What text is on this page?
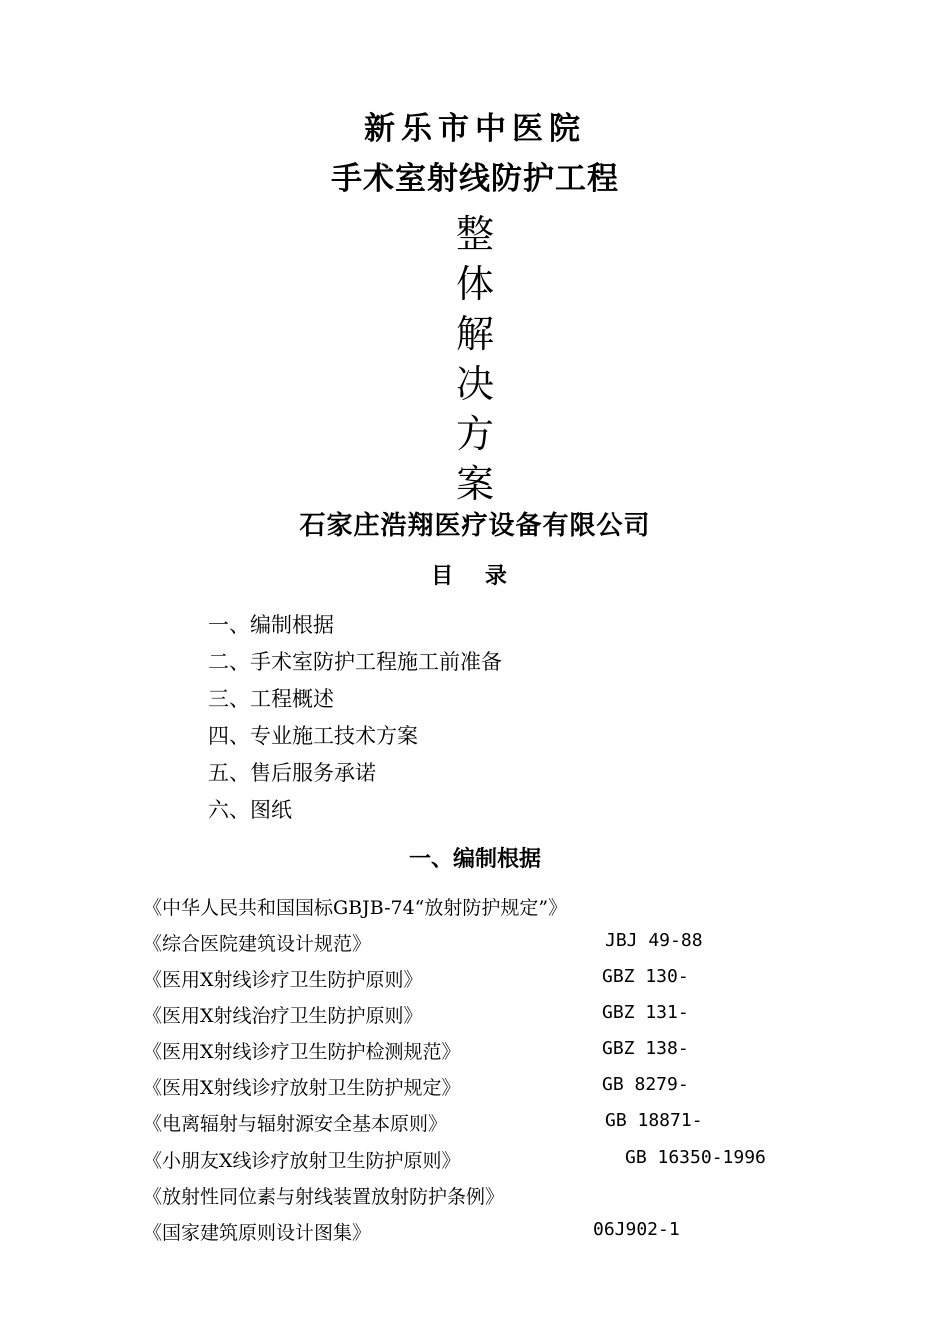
新乐市中医院
手术室射线防护工程
整
体
解
决
方
案
石家庄浩翔医疗设备有限公司
目 录
一、编制根据
二、手术室防护工程施工前准备
三、工程概述
四、专业施工技术方案
五、售后服务承诺
六、图纸
一、编制根据
《中华人民共和国国标GBJB-74“放射防护规定”》
《综合医院建筑设计规范》	JBJ 49-88
《医用X射线诊疗卫生防护原则》	GBZ 130-
《医用X射线治疗卫生防护原则》	GBZ 131-
《医用X射线诊疗卫生防护检测规范》	GBZ 138-
《医用X射线诊疗放射卫生防护规定》	GB 8279-
《电离辐射与辐射源安全基本原则》	GB 18871-
《小朋友X线诊疗放射卫生防护原则》	GB 16350-1996
《放射性同位素与射线装置放射防护条例》
《国家建筑原则设计图集》	06J902-1
